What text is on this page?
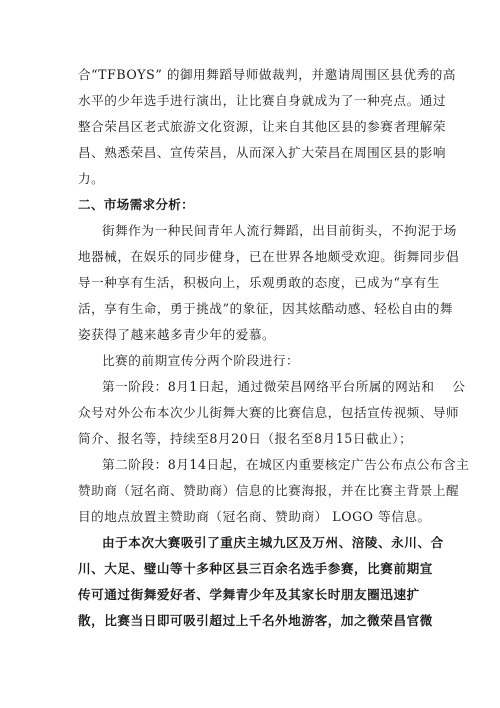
合“TFBOYS” 的御用舞蹈导师做裁判，并邀请周围区县优秀的高
水平的少年选手进行演出，让比赛自身就成为了一种亮点。通过
整合荣昌区老式旅游文化资源，让来自其他区县的参赛者理解荣
昌、熟悉荣昌、宣传荣昌，从而深入扩大荣昌在周围区县的影响
力。
二、市场需求分析：
街舞作为一种民间青年人流行舞蹈，出目前街头，不拘泥于场
地器械，在娱乐的同步健身，已在世界各地颇受欢迎。街舞同步倡
导一种享有生活，积极向上，乐观勇敢的态度，已成为“享有生
活，享有生命，勇于挑战”的象征，因其炫酷动感、轻松自由的舞
姿获得了越来越多青少年的爱慕。
比赛的前期宣传分两个阶段进行：
第一阶段：8月1日起，通过微荣昌网络平台所属的网站和　 公
众号对外公布本次少儿街舞大赛的比赛信息，包括宣传视频、导师
简介、报名等，持续至8月20日（报名至8月15日截止）；
第二阶段：8月14日起，在城区内重要核定广告公布点公布含主
赞助商（冠名商、赞助商）信息的比赛海报，并在比赛主背景上醒
目的地点放置主赞助商（冠名商、赞助商） LOGO 等信息。
由于本次大赛吸引了重庆主城九区及万州、涪陵、永川、合
川、大足、璧山等十多种区县三百余名选手参赛，比赛前期宣
传可通过街舞爱好者、学舞青少年及其家长时朋友圈迅速扩
散，比赛当日即可吸引超过上千名外地游客，加之微荣昌官微
